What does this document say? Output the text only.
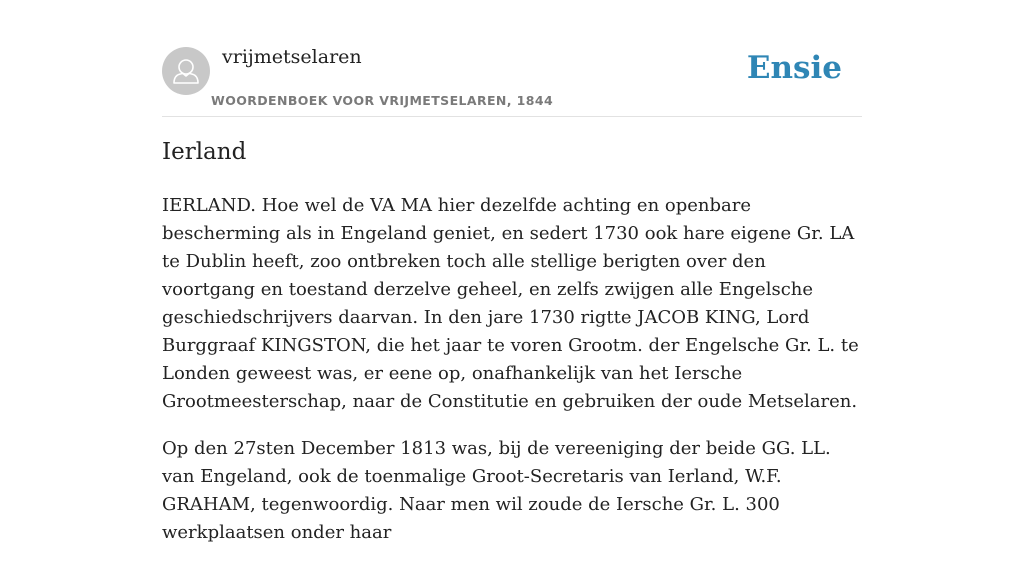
vrijmetselaren
WOORDENBOEK VOOR VRIJMETSELAREN, 1844
Ensie
Ierland

IERLAND. Hoe wel de VA MA hier dezelfde achting en openbare bescherming als in Engeland geniet, en sedert 1730 ook hare eigene Gr. LA te Dublin heeft, zoo ontbreken toch alle stellige berigten over den voortgang en toestand derzelve geheel, en zelfs zwijgen alle Engelsche geschiedschrijvers daarvan. In den jare 1730 rigtte JACOB KING, Lord Burggraaf KINGSTON, die het jaar te voren Grootm. der Engelsche Gr. L. te Londen geweest was, er eene op, onafhankelijk van het Iersche Grootmeesterschap, naar de Constitutie en gebruiken der oude Metselaren.

Op den 27sten December 1813 was, bij de vereeniging der beide GG. LL. van Engeland, ook de toenmalige Groot-Secretaris van Ierland, W.F. GRAHAM, tegenwoordig. Naar men wil zoude de Iersche Gr. L. 300 werkplaatsen onder haar
